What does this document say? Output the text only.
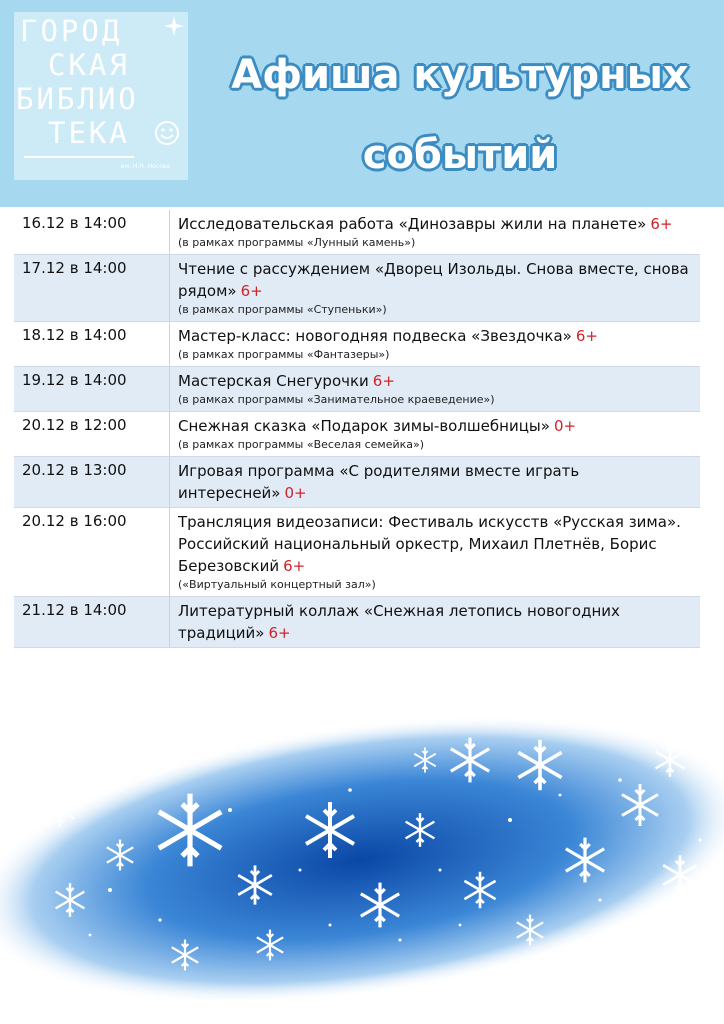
ГОРОД
СКАЯ
БИБЛИО
ТЕКА
им. Н.Н. Носова
Афиша культурных
событий
16.12 в 14:00	Исследовательская работа «Динозавры жили на планете» 6+
(в рамках программы «Лунный камень»)
17.12 в 14:00	Чтение с рассуждением «Дворец Изольды. Снова вместе, снова рядом» 6+
(в рамках программы «Ступеньки»)
18.12 в 14:00	Мастер-класс: новогодняя подвеска «Звездочка» 6+
(в рамках программы «Фантазеры»)
19.12 в 14:00	Мастерская Снегурочки 6+
(в рамках программы «Занимательное краеведение»)
20.12 в 12:00	Снежная сказка «Подарок зимы-волшебницы» 0+
(в рамках программы «Веселая семейка»)
20.12 в 13:00	Игровая программа «С родителями вместе играть интересней» 0+
20.12 в 16:00	Трансляция видеозаписи: Фестиваль искусств «Русская зима». Российский национальный оркестр, Михаил Плетнёв, Борис Березовский 6+
(«Виртуальный концертный зал»)
21.12 в 14:00	Литературный коллаж «Снежная летопись новогодних традиций» 6+
